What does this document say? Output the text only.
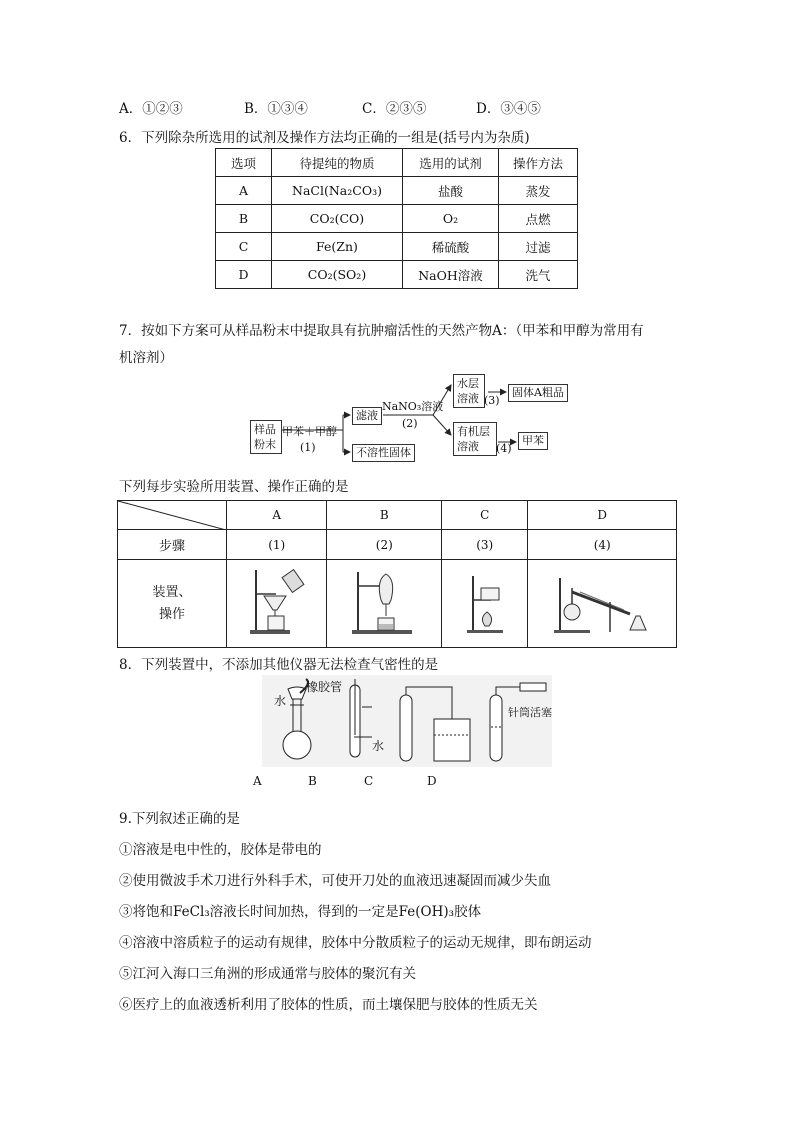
A．①②③	B．①③④	C．②③⑤	D．③④⑤
6．下列除杂所选用的试剂及操作方法均正确的一组是(括号内为杂质)
选项	待提纯的物质	选用的试剂	操作方法
A	NaCl(Na₂CO₃)	盐酸	蒸发
B	CO₂(CO)	O₂	点燃
C	Fe(Zn)	稀硫酸	过滤
D	CO₂(SO₂)	NaOH溶液	洗气
7．按如下方案可从样品粉末中提取具有抗肿瘤活性的天然产物A：（甲苯和甲醇为常用有
机溶剂）
样品粉末
甲苯＋甲醇
(1)
滤液
不溶性固体
NaNO₃溶液
(2)
水层溶液 (3)
固体A粗品
有机层溶液	(4)
甲苯
下列每步实验所用装置、操作正确的是
	A	B	C	D
步骤	(1)	(2)	(3)	(4)

装置、
操作

8．下列装置中，不添加其他仪器无法检查气密性的是
水
橡胶管
水
针筒活塞
A	B	C	D
9.下列叙述正确的是
①溶液是电中性的，胶体是带电的
②使用微波手术刀进行外科手术，可使开刀处的血液迅速凝固而减少失血
③将饱和FeCl₃溶液长时间加热，得到的一定是Fe(OH)₃胶体
④溶液中溶质粒子的运动有规律，胶体中分散质粒子的运动无规律，即布朗运动
⑤江河入海口三角洲的形成通常与胶体的聚沉有关
⑥医疗上的血液透析利用了胶体的性质，而土壤保肥与胶体的性质无关
